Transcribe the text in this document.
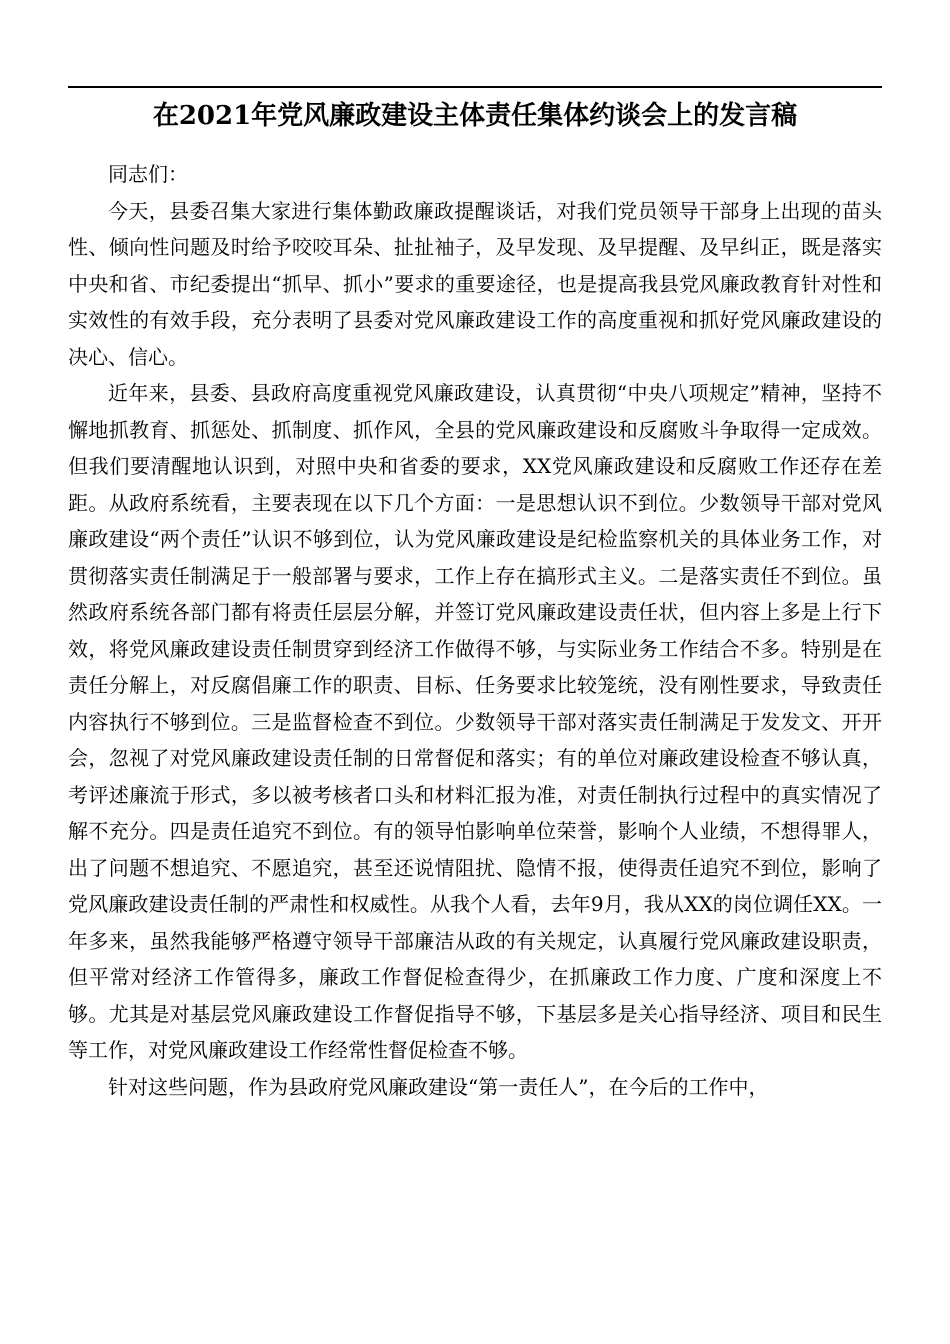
在2021年党风廉政建设主体责任集体约谈会上的发言稿

同志们：

今天，县委召集大家进行集体勤政廉政提醒谈话，对我们党员领导干部身上出现的苗头性、倾向性问题及时给予咬咬耳朵、扯扯袖子，及早发现、及早提醒、及早纠正，既是落实中央和省、市纪委提出“抓早、抓小”要求的重要途径，也是提高我县党风廉政教育针对性和实效性的有效手段，充分表明了县委对党风廉政建设工作的高度重视和抓好党风廉政建设的决心、信心。

近年来，县委、县政府高度重视党风廉政建设，认真贯彻“中央八项规定”精神，坚持不懈地抓教育、抓惩处、抓制度、抓作风，全县的党风廉政建设和反腐败斗争取得一定成效。但我们要清醒地认识到，对照中央和省委的要求，XX党风廉政建设和反腐败工作还存在差距。从政府系统看，主要表现在以下几个方面：一是思想认识不到位。少数领导干部对党风廉政建设“两个责任”认识不够到位，认为党风廉政建设是纪检监察机关的具体业务工作，对贯彻落实责任制满足于一般部署与要求，工作上存在搞形式主义。二是落实责任不到位。虽然政府系统各部门都有将责任层层分解，并签订党风廉政建设责任状，但内容上多是上行下效，将党风廉政建设责任制贯穿到经济工作做得不够，与实际业务工作结合不多。特别是在责任分解上，对反腐倡廉工作的职责、目标、任务要求比较笼统，没有刚性要求，导致责任内容执行不够到位。三是监督检查不到位。少数领导干部对落实责任制满足于发发文、开开会，忽视了对党风廉政建设责任制的日常督促和落实；有的单位对廉政建设检查不够认真，考评述廉流于形式，多以被考核者口头和材料汇报为准，对责任制执行过程中的真实情况了解不充分。四是责任追究不到位。有的领导怕影响单位荣誉，影响个人业绩，不想得罪人，出了问题不想追究、不愿追究，甚至还说情阻扰、隐情不报，使得责任追究不到位，影响了党风廉政建设责任制的严肃性和权威性。从我个人看，去年9月，我从XX的岗位调任XX。一年多来，虽然我能够严格遵守领导干部廉洁从政的有关规定，认真履行党风廉政建设职责，但平常对经济工作管得多，廉政工作督促检查得少，在抓廉政工作力度、广度和深度上不够。尤其是对基层党风廉政建设工作督促指导不够，下基层多是关心指导经济、项目和民生等工作，对党风廉政建设工作经常性督促检查不够。

针对这些问题，作为县政府党风廉政建设“第一责任人”，在今后的工作中，
